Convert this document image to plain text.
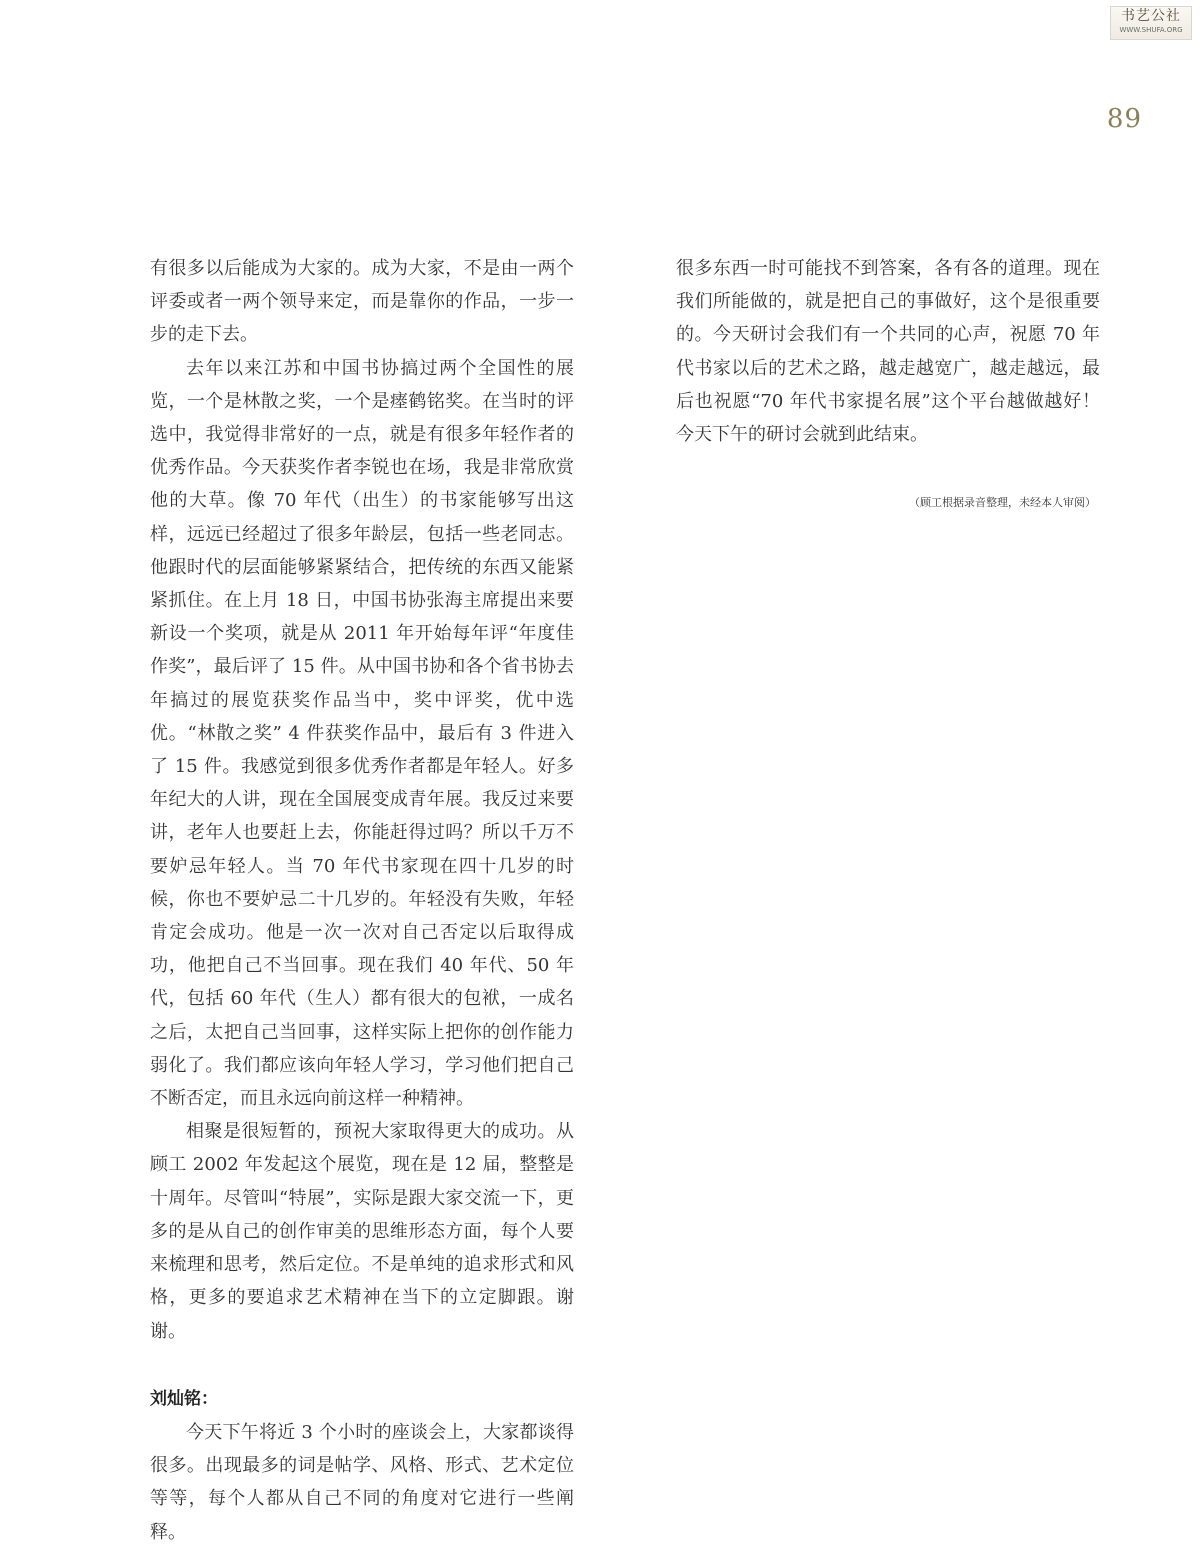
书艺公社
WWW.SHUFA.ORG
89

有很多以后能成为大家的。成为大家，不是由一两个评委或者一两个领导来定，而是靠你的作品，一步一步的走下去。

去年以来江苏和中国书协搞过两个全国性的展览，一个是林散之奖，一个是瘗鹤铭奖。在当时的评选中，我觉得非常好的一点，就是有很多年轻作者的优秀作品。今天获奖作者李锐也在场，我是非常欣赏他的大草。像 70 年代（出生）的书家能够写出这样，远远已经超过了很多年龄层，包括一些老同志。他跟时代的层面能够紧紧结合，把传统的东西又能紧紧抓住。在上月 18 日，中国书协张海主席提出来要新设一个奖项，就是从 2011 年开始每年评“年度佳作奖”，最后评了 15 件。从中国书协和各个省书协去年搞过的展览获奖作品当中，奖中评奖，优中选优。“林散之奖” 4 件获奖作品中，最后有 3 件进入了 15 件。我感觉到很多优秀作者都是年轻人。好多年纪大的人讲，现在全国展变成青年展。我反过来要讲，老年人也要赶上去，你能赶得过吗？所以千万不要妒忌年轻人。当 70 年代书家现在四十几岁的时候，你也不要妒忌二十几岁的。年轻没有失败，年轻肯定会成功。他是一次一次对自己否定以后取得成功，他把自己不当回事。现在我们 40 年代、50 年代，包括 60 年代（生人）都有很大的包袱，一成名之后，太把自己当回事，这样实际上把你的创作能力弱化了。我们都应该向年轻人学习，学习他们把自己不断否定，而且永远向前这样一种精神。

相聚是很短暂的，预祝大家取得更大的成功。从顾工 2002 年发起这个展览，现在是 12 届，整整是十周年。尽管叫“特展”，实际是跟大家交流一下，更多的是从自己的创作审美的思维形态方面，每个人要来梳理和思考，然后定位。不是单纯的追求形式和风格，更多的要追求艺术精神在当下的立定脚跟。谢谢。

刘灿铭：

今天下午将近 3 个小时的座谈会上，大家都谈得很多。出现最多的词是帖学、风格、形式、艺术定位等等，每个人都从自己不同的角度对它进行一些阐释。

很多东西一时可能找不到答案，各有各的道理。现在我们所能做的，就是把自己的事做好，这个是很重要的。今天研讨会我们有一个共同的心声，祝愿 70 年代书家以后的艺术之路，越走越宽广，越走越远，最后也祝愿“70 年代书家提名展”这个平台越做越好！今天下午的研讨会就到此结束。

（顾工根据录音整理，未经本人审阅）
